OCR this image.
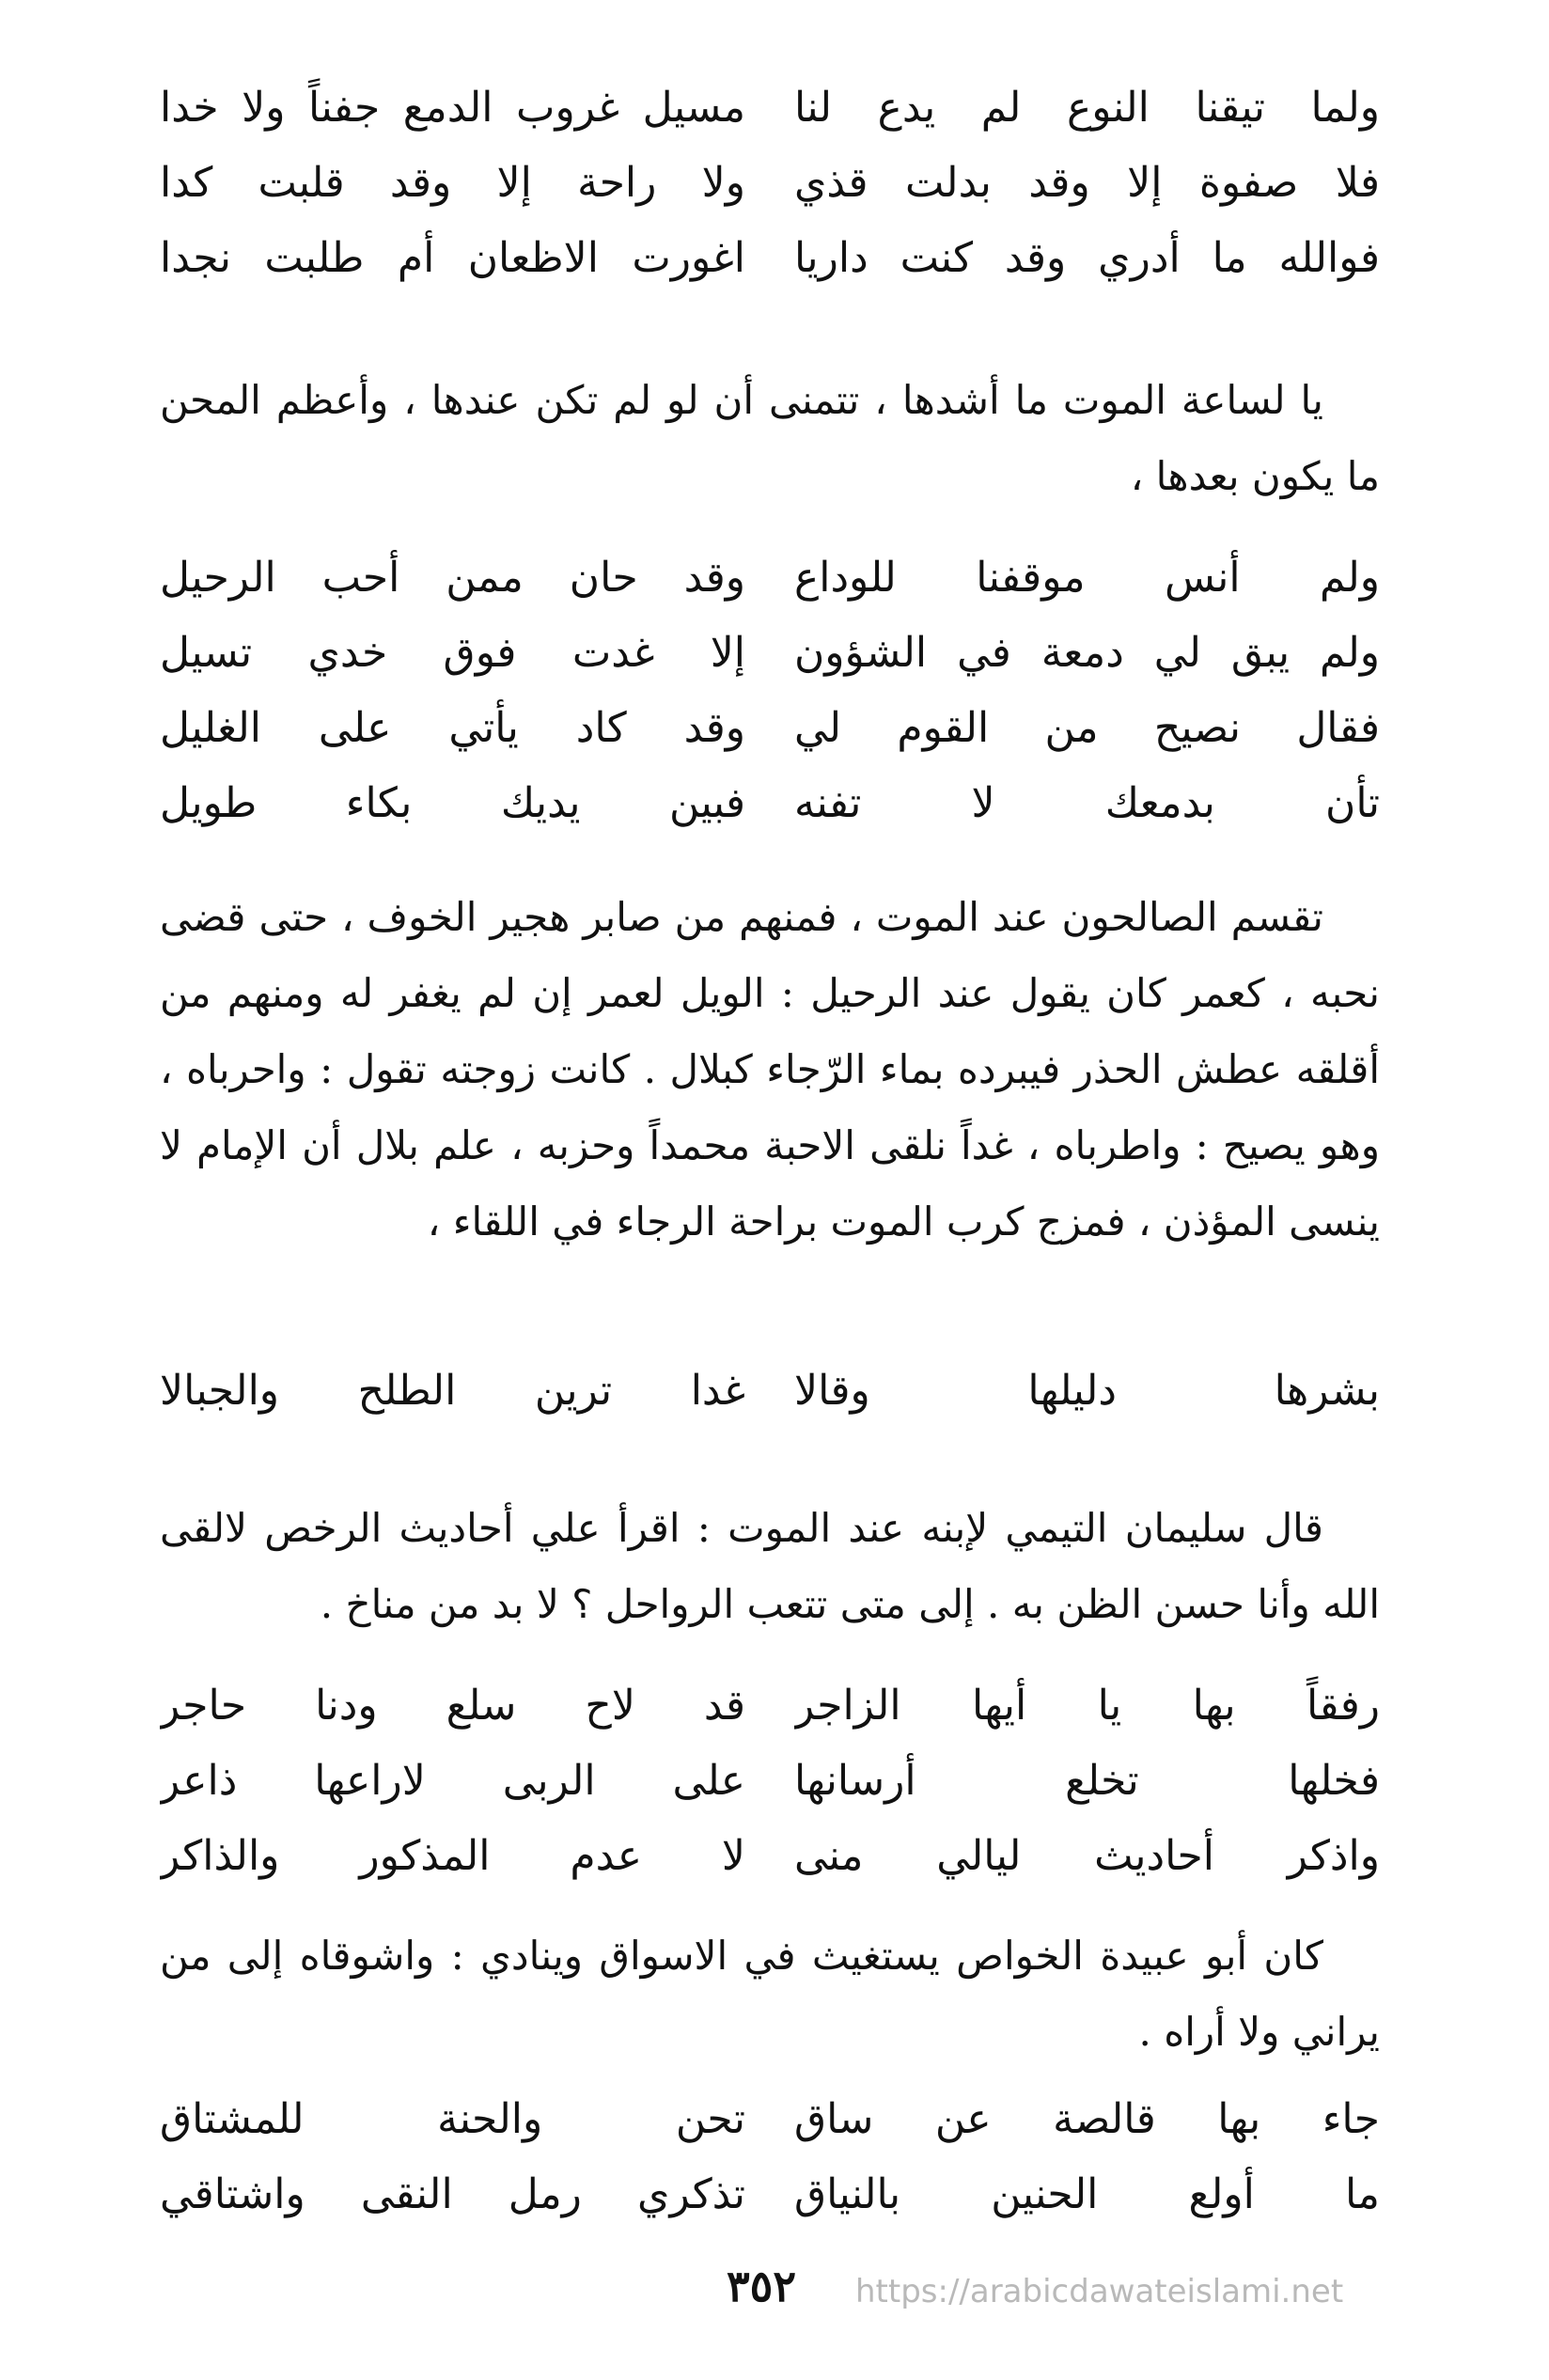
ولما تيقنا النوع لم يدع لنا
مسيل غروب الدمع جفناً ولا خدا
فلا صفوة إلا وقد بدلت قذي
ولا راحة إلا وقد قلبت كدا
فوالله ما أدري وقد كنت داريا
اغورت الاظعان أم طلبت نجدا

يا لساعة الموت ما أشدها ، تتمنى أن لو لم تكن عندها ، وأعظم المحن ما يكون بعدها ،

ولم أنس موقفنا للوداع
وقد حان ممن أحب الرحيل
ولم يبق لي دمعة في الشؤون
إلا غدت فوق خدي تسيل
فقال نصيح من القوم لي
وقد كاد يأتي على الغليل
تأن بدمعك لا تفنه
فبين يديك بكاء طويل

تقسم الصالحون عند الموت ، فمنهم من صابر هجير الخوف ، حتى قضى نحبه ، كعمر كان يقول عند الرحيل : الويل لعمر إن لم يغفر له ومنهم من أقلقه عطش الحذر فيبرده بماء الرّجاء كبلال . كانت زوجته تقول : واحرباه ، وهو يصيح : واطرباه ، غداً نلقى الاحبة محمداً وحزبه ، علم بلال أن الإمام لا ينسى المؤذن ، فمزج كرب الموت براحة الرجاء في اللقاء ،

بشرها دليلها وقالا
غدا ترين الطلح والجبالا

قال سليمان التيمي لإبنه عند الموت : اقرأ علي أحاديث الرخص لالقى الله وأنا حسن الظن به . إلى متى تتعب الرواحل ؟ لا بد من مناخ .

رفقاً بها يا أيها الزاجر
قد لاح سلع ودنا حاجر
فخلها تخلع أرسانها
على الربى لاراعها ذاعر
واذكر أحاديث ليالي منى
لا عدم المذكور والذاكر

كان أبو عبيدة الخواص يستغيث في الاسواق وينادي : واشوقاه إلى من يراني ولا أراه .

جاء بها قالصة عن ساق
تحن والحنة للمشتاق
ما أولع الحنين بالنياق
تذكري رمل النقى واشتاقي
٣٥٢	https://arabicdawateislami.net
